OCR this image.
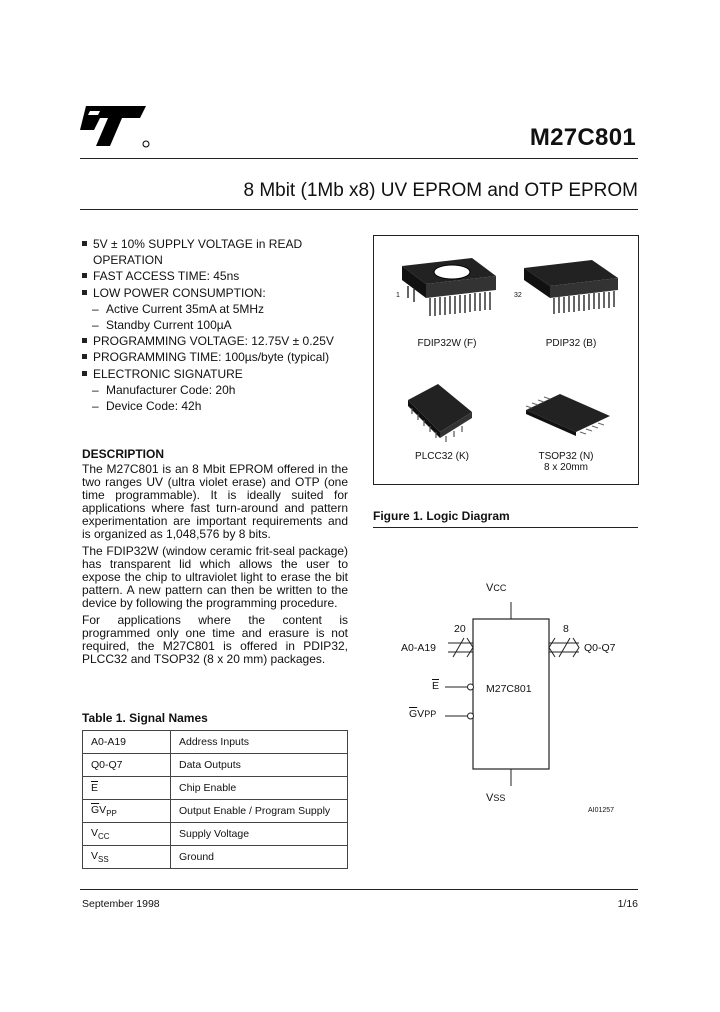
M27C801
8 Mbit (1Mb x8) UV EPROM and OTP EPROM
5V ± 10% SUPPLY VOLTAGE in READ
OPERATION
FAST ACCESS TIME: 45ns
LOW POWER CONSUMPTION:
– Active Current 35mA at 5MHz
– Standby Current 100µA
PROGRAMMING VOLTAGE: 12.75V ± 0.25V
PROGRAMMING TIME: 100µs/byte (typical)
ELECTRONIC SIGNATURE
– Manufacturer Code: 20h
– Device Code: 42h
DESCRIPTION

The M27C801 is an 8 Mbit EPROM offered in the two ranges UV (ultra violet erase) and OTP (one time programmable). It is ideally suited for applications where fast turn-around and pattern experimentation are important requirements and is organized as 1,048,576 by 8 bits.

The FDIP32W (window ceramic frit-seal package) has transparent lid which allows the user to expose the chip to ultraviolet light to erase the bit pattern. A new pattern can then be written to the device by following the programming procedure.

For applications where the content is programmed only one time and erasure is not required, the M27C801 is offered in PDIP32, PLCC32 and TSOP32 (8 x 20 mm) packages.

Table 1. Signal Names
A0-A19	Address Inputs
Q0-Q7	Data Outputs
$\overline{E}$	Chip Enable
$\overline{G}V_{PP}$	Output Enable / Program Supply
$V_{CC}$	Supply Voltage
$V_{SS}$	Ground
1	32
FDIP32W (F)	PDIP32 (B)
PLCC32 (K)	TSOP32 (N)
8 x 20mm
Figure 1. Logic Diagram
VCC
VSS
M27C801
20
A0-A19
8
Q0-Q7
$\overline{E}$
$\overline{G}VPP$
AI01257
September 1998	1/16
